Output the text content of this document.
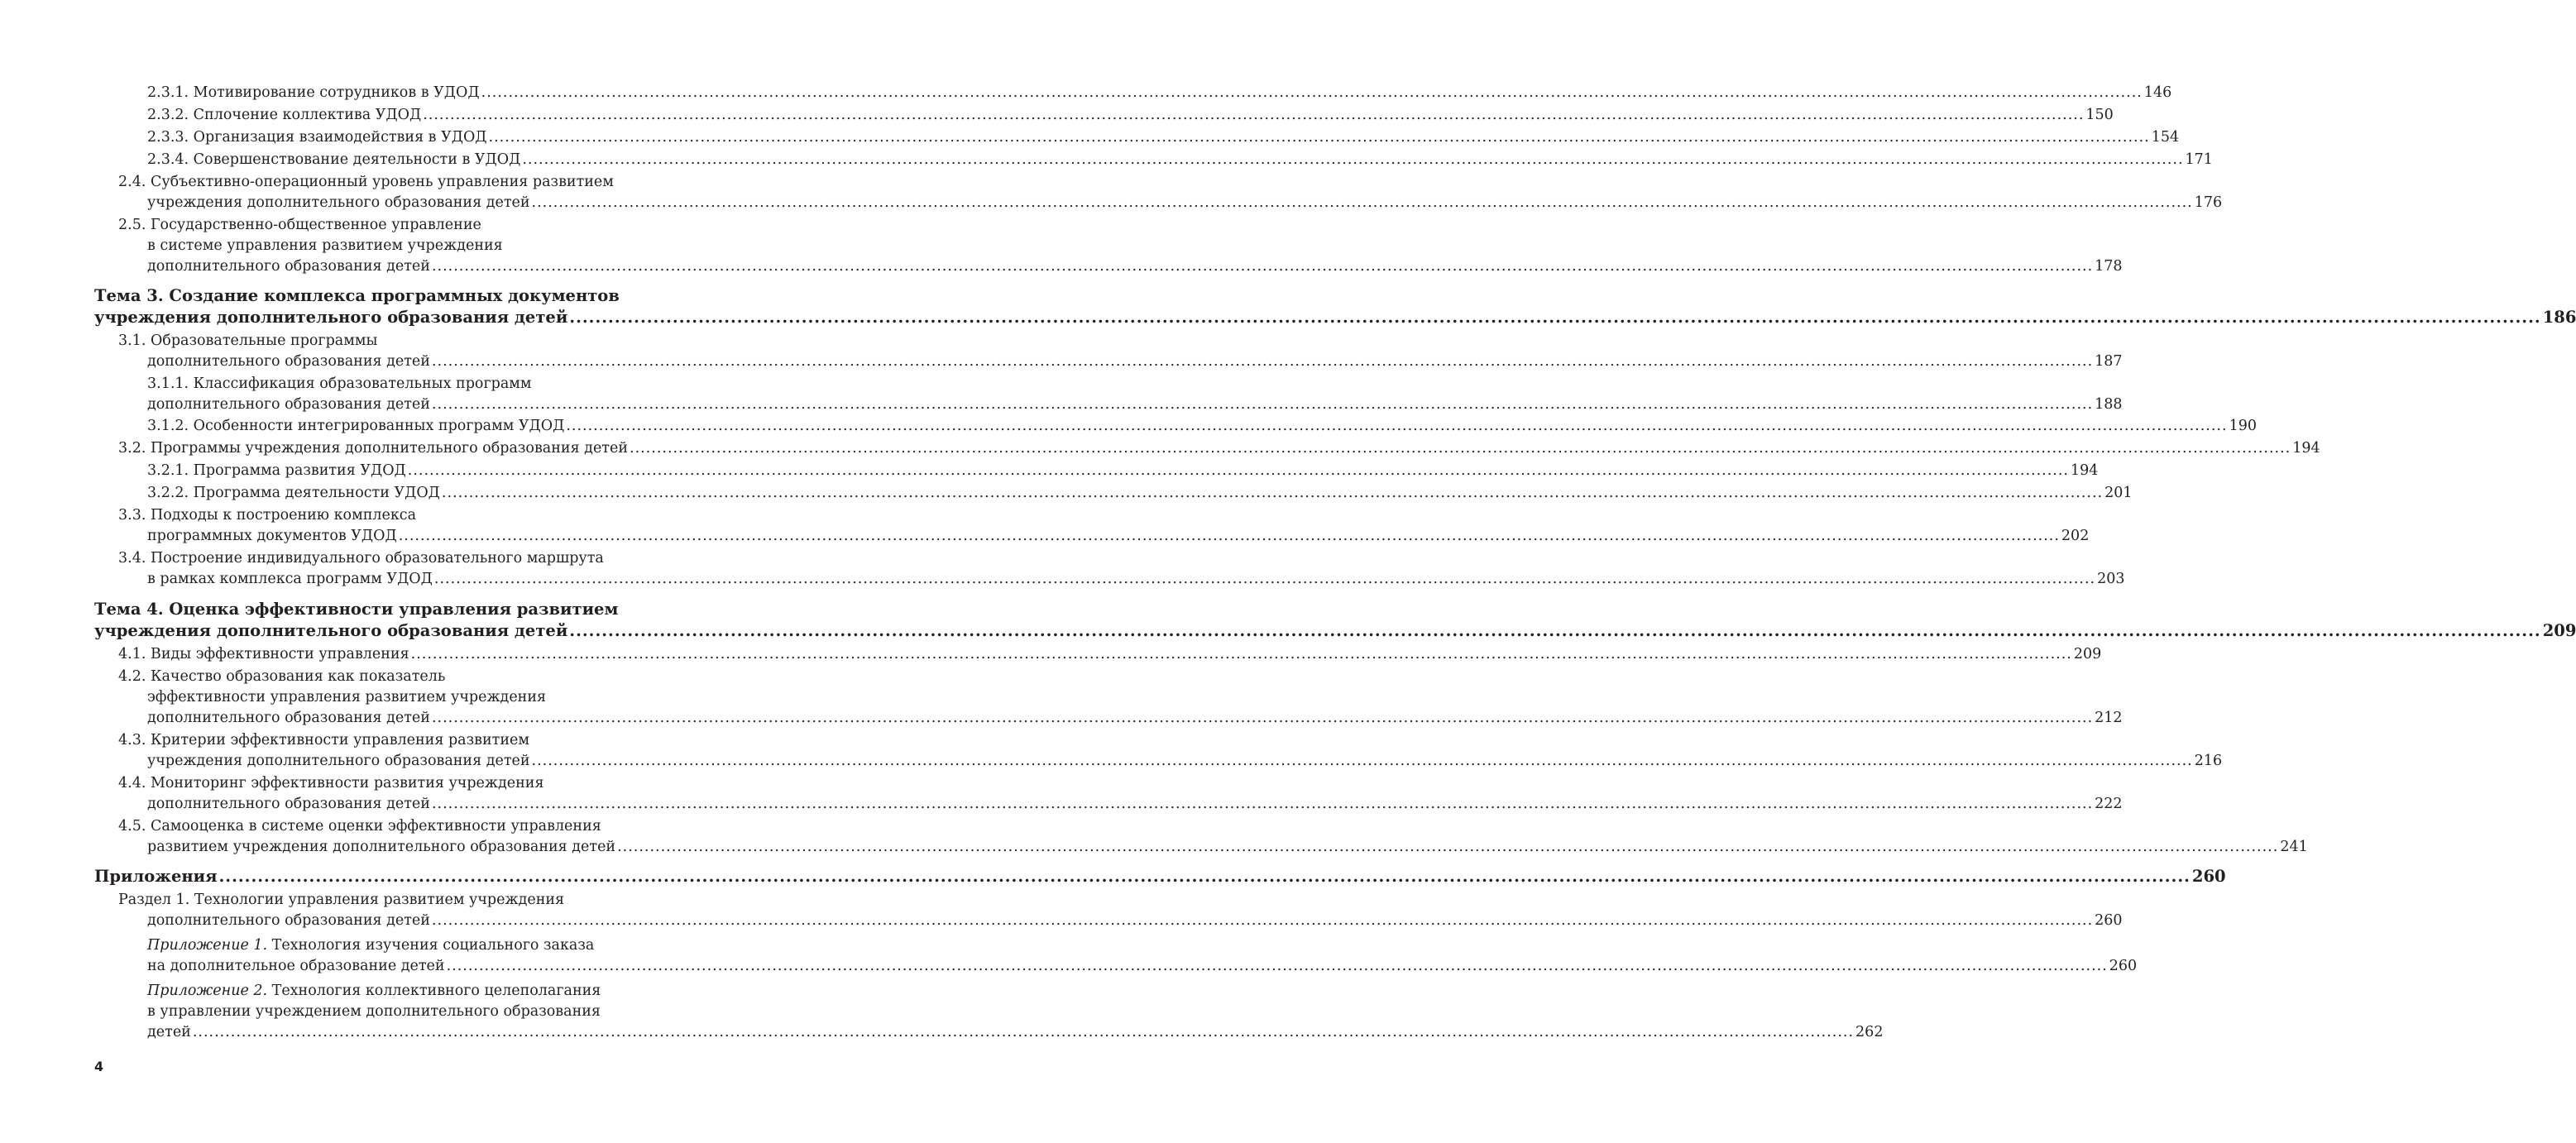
2.3.1. Мотивирование сотрудников в УДОД .....	146
2.3.2. Сплочение коллектива УДОД .....	150
2.3.3. Организация взаимодействия в УДОД .....	154
2.3.4. Совершенствование деятельности в УДОД .....	171
2.4. Субъективно-операционный уровень управления развитием
учреждения дополнительного образования детей .....	176
2.5. Государственно-общественное управление
в системе управления развитием учреждения
дополнительного образования детей .....	178
Тема 3. Создание комплекса программных документов
учреждения дополнительного образования детей .....	186
3.1. Образовательные программы
дополнительного образования детей .....	187
3.1.1. Классификация образовательных программ
дополнительного образования детей .....	188
3.1.2. Особенности интегрированных программ УДОД .....	190
3.2. Программы учреждения дополнительного образования детей .....	194
3.2.1. Программа развития УДОД .....	194
3.2.2. Программа деятельности УДОД .....	201
3.3. Подходы к построению комплекса
программных документов УДОД .....	202
3.4. Построение индивидуального образовательного маршрута
в рамках комплекса программ УДОД .....	203
Тема 4. Оценка эффективности управления развитием
учреждения дополнительного образования детей .....	209
4.1. Виды эффективности управления .....	209
4.2. Качество образования как показатель
эффективности управления развитием учреждения
дополнительного образования детей .....	212
4.3. Критерии эффективности управления развитием
учреждения дополнительного образования детей .....	216
4.4. Мониторинг эффективности развития учреждения
дополнительного образования детей .....	222
4.5. Самооценка в системе оценки эффективности управления
развитием учреждения дополнительного образования детей .....	241
Приложения .....	260
Раздел 1. Технологии управления развитием учреждения
дополнительного образования детей .....	260
Приложение 1. Технология изучения социального заказа
на дополнительное образование детей .....	260
Приложение 2. Технология коллективного целеполагания
в управлении учреждением дополнительного образования
детей .....	262
4
